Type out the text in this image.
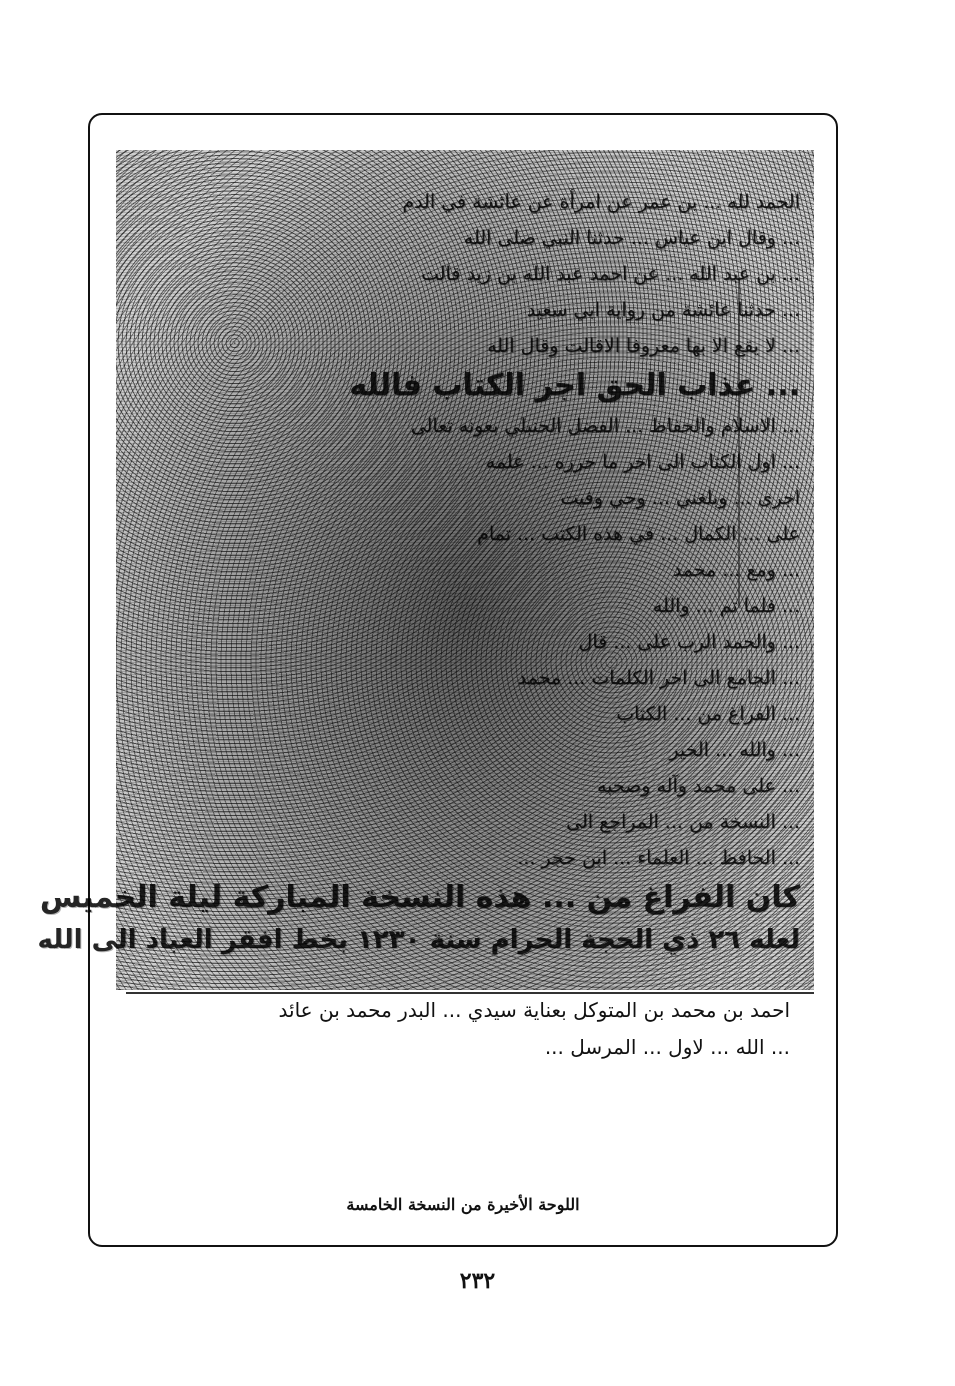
الحمد لله ... بن عمر عن امرأة عن عائشة في الدم
... وقال ابن عباس ... حدثنا النبي صلى الله
... بن عبد الله ... عن احمد عبد الله بن زيد قالت
... حدثنا عائشة من رواية ابي سعيد
... لا يقع الا بها معروفا الاقالت وقال الله
... عذاب الحق اجر الكتاب فالله
... الاسلام والحفاظ ... الفضل الحنبلي بعونه تعالى
... اول الكتاب الى اخر ما حرره ... علمه
اجرى ... وبلغني ... وحي وفيت
على ... الكمال ... في هذه الكتب ... تمام
... ومع ... محمد
... فلما تم ... والله
... والحمد الرب على ... قال
... الجامع الى اخر الكلمات ... محمد
... الفراغ من ... الكتاب
... والله ... الخير
... على محمد وآله وصحبه
... النسخة من ... المراجع الى
... الحافظ ... العلماء ... ابن حجر ...
كان الفراغ من ... هذه النسخة المباركة ليلة الخميس
لعله ٢٦ ذي الحجة الحرام سنة ١٢٣٠ بخط افقر العباد الى الله
احمد بن محمد بن المتوكل بعناية سيدي ... البدر محمد بن عائد
... الله ... لاول ... المرسل ...
اللوحة الأخيرة من النسخة الخامسة
٢٣٢
